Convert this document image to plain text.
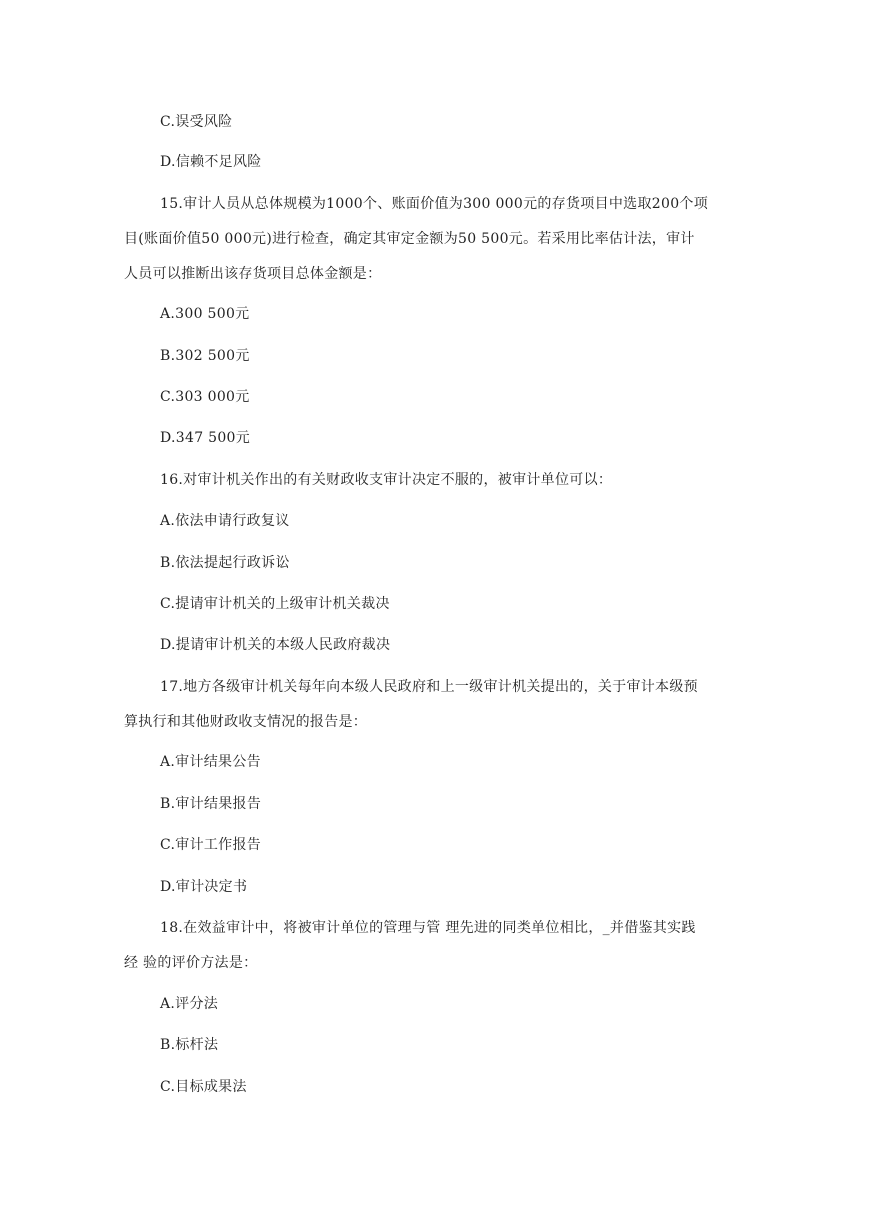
C.误受风险
D.信赖不足风险
15.审计人员从总体规模为1000个、账面价值为300 000元的存货项目中选取200个项
目(账面价值50 000元)进行检查，确定其审定金额为50 500元。若采用比率估计法，审计
人员可以推断出该存货项目总体金额是：
A.300 500元
B.302 500元
C.303 000元
D.347 500元
16.对审计机关作出的有关财政收支审计决定不服的，被审计单位可以：
A.依法申请行政复议
B.依法提起行政诉讼
C.提请审计机关的上级审计机关裁决
D.提请审计机关的本级人民政府裁决
17.地方各级审计机关每年向本级人民政府和上一级审计机关提出的，关于审计本级预
算执行和其他财政收支情况的报告是：
A.审计结果公告
B.审计结果报告
C.审计工作报告
D.审计决定书
18.在效益审计中，将被审计单位的管理与管 理先进的同类单位相比，_并借鉴其实践
经 验的评价方法是：
A.评分法
B.标杆法
C.目标成果法
